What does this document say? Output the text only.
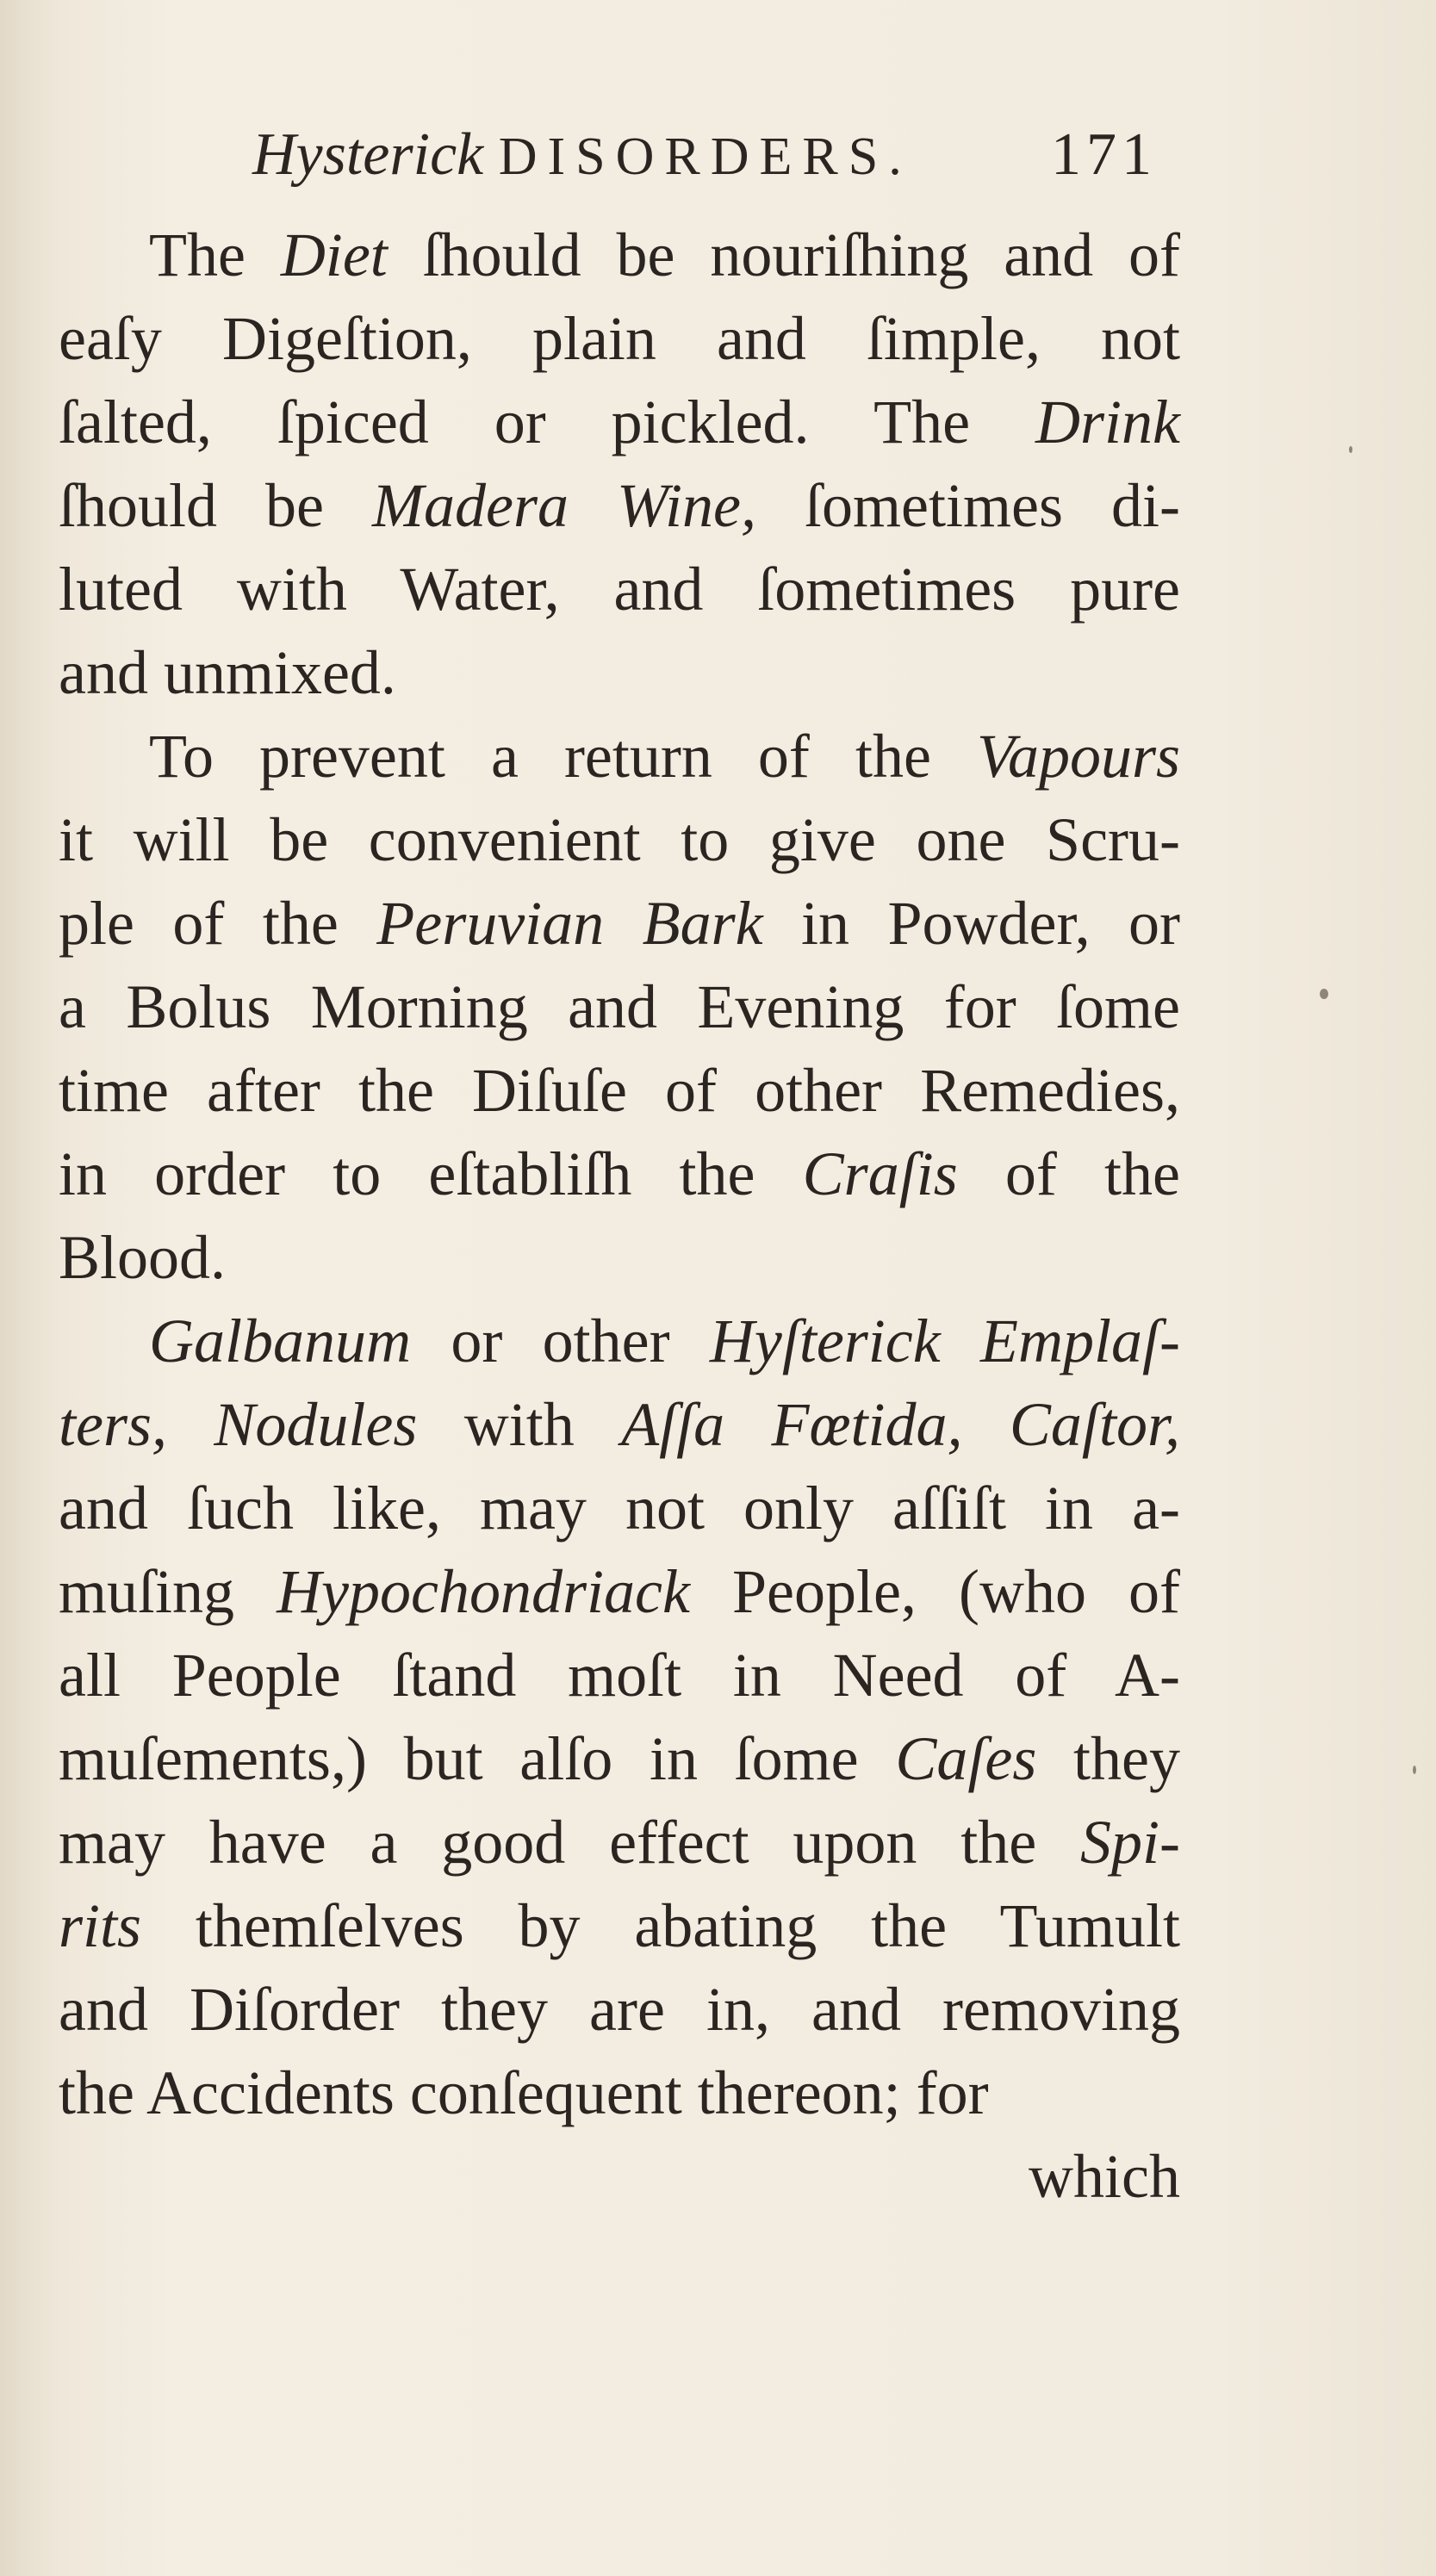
Hysterick DISORDERS. 171
The Diet ſhould be nouriſhing and of
eaſy Digeſtion, plain and ſimple, not
ſalted, ſpiced or pickled. The Drink
ſhould be Madera Wine, ſometimes di-
luted with Water, and ſometimes pure
and unmixed.
To prevent a return of the Vapours
it will be convenient to give one Scru-
ple of the Peruvian Bark in Powder, or
a Bolus Morning and Evening for ſome
time after the Diſuſe of other Remedies,
in order to eſtabliſh the Craſis of the
Blood.
Galbanum or other Hyſterick Emplaſ-
ters, Nodules with Aſſa Fœtida, Caſtor,
and ſuch like, may not only aſſiſt in a-
muſing Hypochondriack People, (who of
all People ſtand moſt in Need of A-
muſements,) but alſo in ſome Caſes they
may have a good effect upon the Spi-
rits themſelves by abating the Tumult
and Diſorder they are in, and removing
the Accidents conſequent thereon; for
which
